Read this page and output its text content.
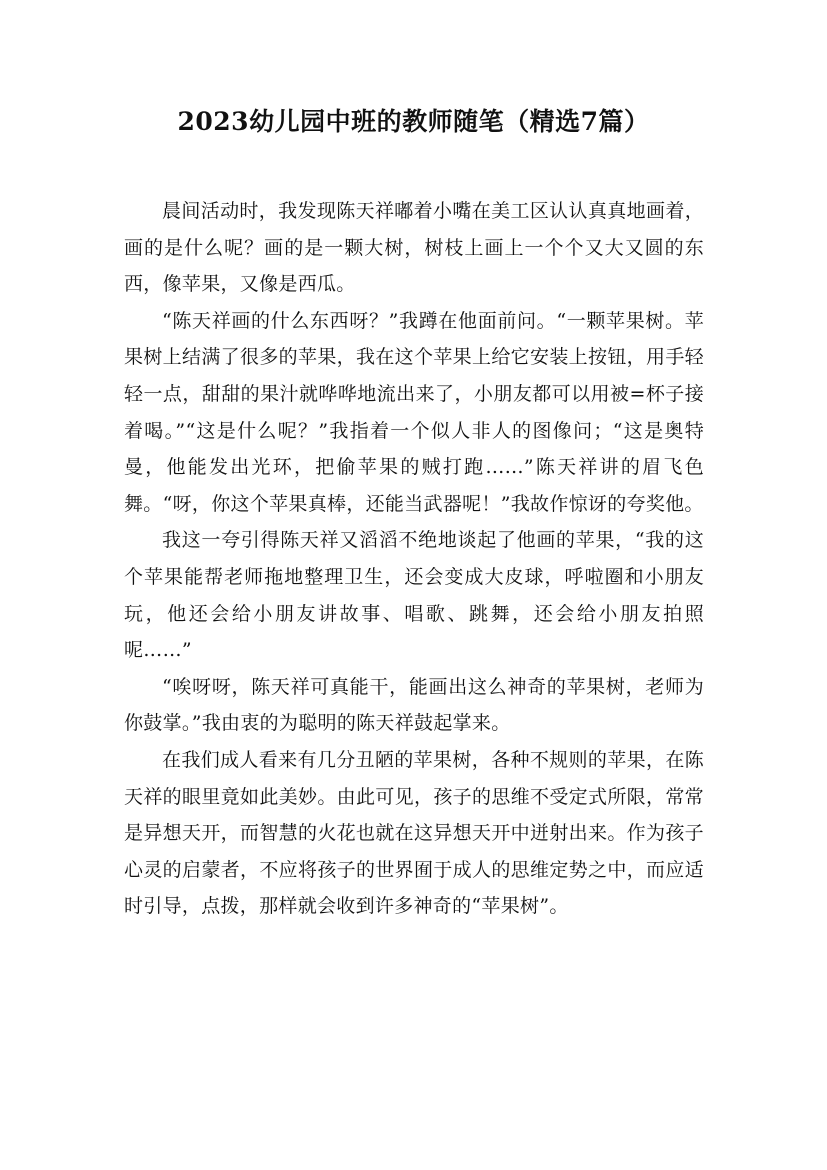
2023幼儿园中班的教师随笔（精选7篇）

晨间活动时，我发现陈天祥嘟着小嘴在美工区认认真真地画着，画的是什么呢？画的是一颗大树，树枝上画上一个个又大又圆的东西，像苹果，又像是西瓜。

“陈天祥画的什么东西呀？”我蹲在他面前问。“一颗苹果树。苹果树上结满了很多的苹果，我在这个苹果上给它安装上按钮，用手轻轻一点，甜甜的果汁就哗哗地流出来了，小朋友都可以用被=杯子接着喝。”“这是什么呢？”我指着一个似人非人的图像问；“这是奥特曼，他能发出光环，把偷苹果的贼打跑……”陈天祥讲的眉飞色舞。“呀，你这个苹果真棒，还能当武器呢！”我故作惊讶的夸奖他。

我这一夸引得陈天祥又滔滔不绝地谈起了他画的苹果，“我的这个苹果能帮老师拖地整理卫生，还会变成大皮球，呼啦圈和小朋友玩，他还会给小朋友讲故事、唱歌、跳舞，还会给小朋友拍照呢……”

“唉呀呀，陈天祥可真能干，能画出这么神奇的苹果树，老师为你鼓掌。”我由衷的为聪明的陈天祥鼓起掌来。

在我们成人看来有几分丑陋的苹果树，各种不规则的苹果，在陈天祥的眼里竟如此美妙。由此可见，孩子的思维不受定式所限，常常是异想天开，而智慧的火花也就在这异想天开中迸射出来。作为孩子心灵的启蒙者，不应将孩子的世界囿于成人的思维定势之中，而应适时引导，点拨，那样就会收到许多神奇的“苹果树”。
